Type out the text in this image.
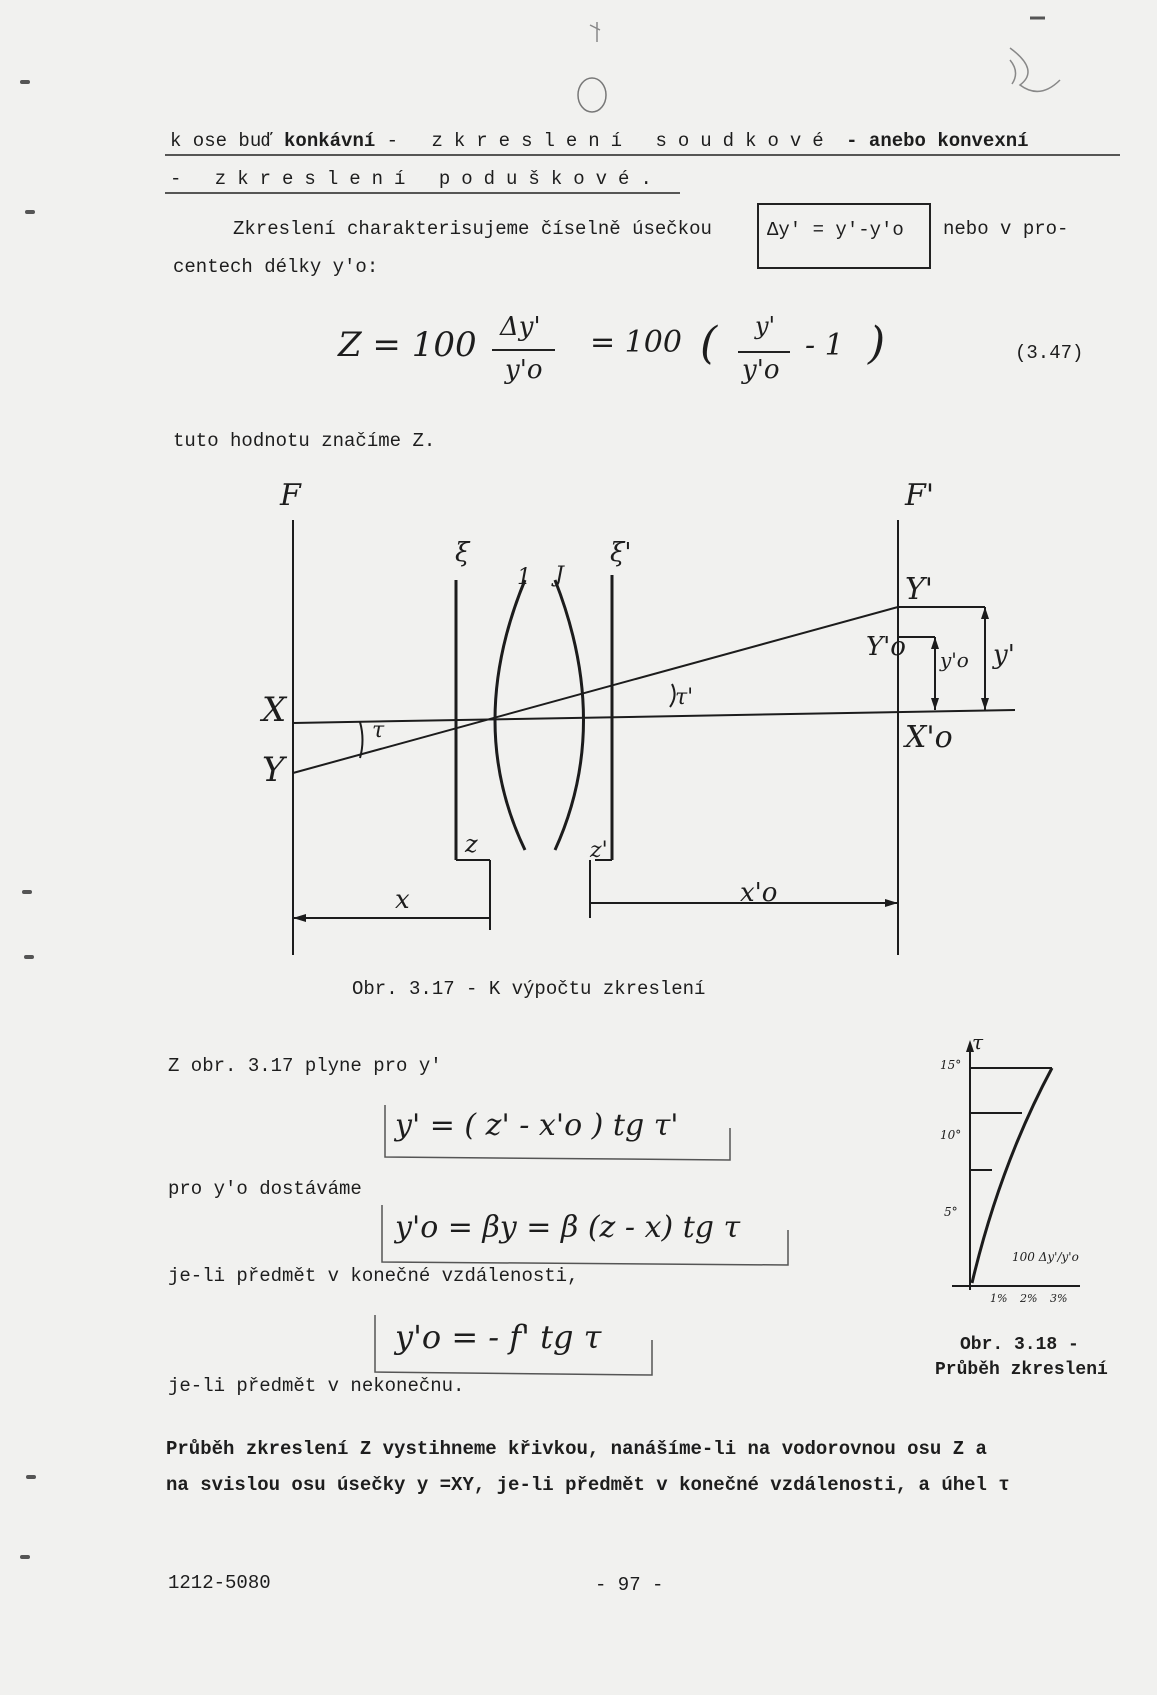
k ose buď konkávní - zkreslení soudkové - anebo konvexní
- zkreslení poduškové.
Zkreslení charakterisujeme číselně úsečkou	Δy' = y'-y'o nebo v pro-
centech délky y'o:
Z = 100 Δy'
y'o
= 100 ( y'
y'o
- 1 )	(3.47)
tuto hodnotu značíme Z.
F	F'
ξ	ξ'
1 J
X
Y
τ
τ'
Y'
Y'o y'o y'
X'o
z	z'
x	x'o
Obr. 3.17 - K výpočtu zkreslení
Z obr. 3.17 plyne pro y'
y' = ( z' - x'o ) tg τ'
pro y'o dostáváme
y'o = βy = β (z - x) tg τ
je-li předmět v konečné vzdálenosti,
y'o = - f' tg τ
je-li předmět v nekonečnu.
τ
15°
10°
5°
100 Δy'/y'o
1% 2% 3%
Obr. 3.18 -
Průběh zkreslení
Průběh zkreslení Z vystihneme křivkou, nanášíme-li na vodorovnou osu Z a
na svislou osu úsečky y =XY, je-li předmět v konečné vzdálenosti, a úhel τ
1212-5080	- 97 -
